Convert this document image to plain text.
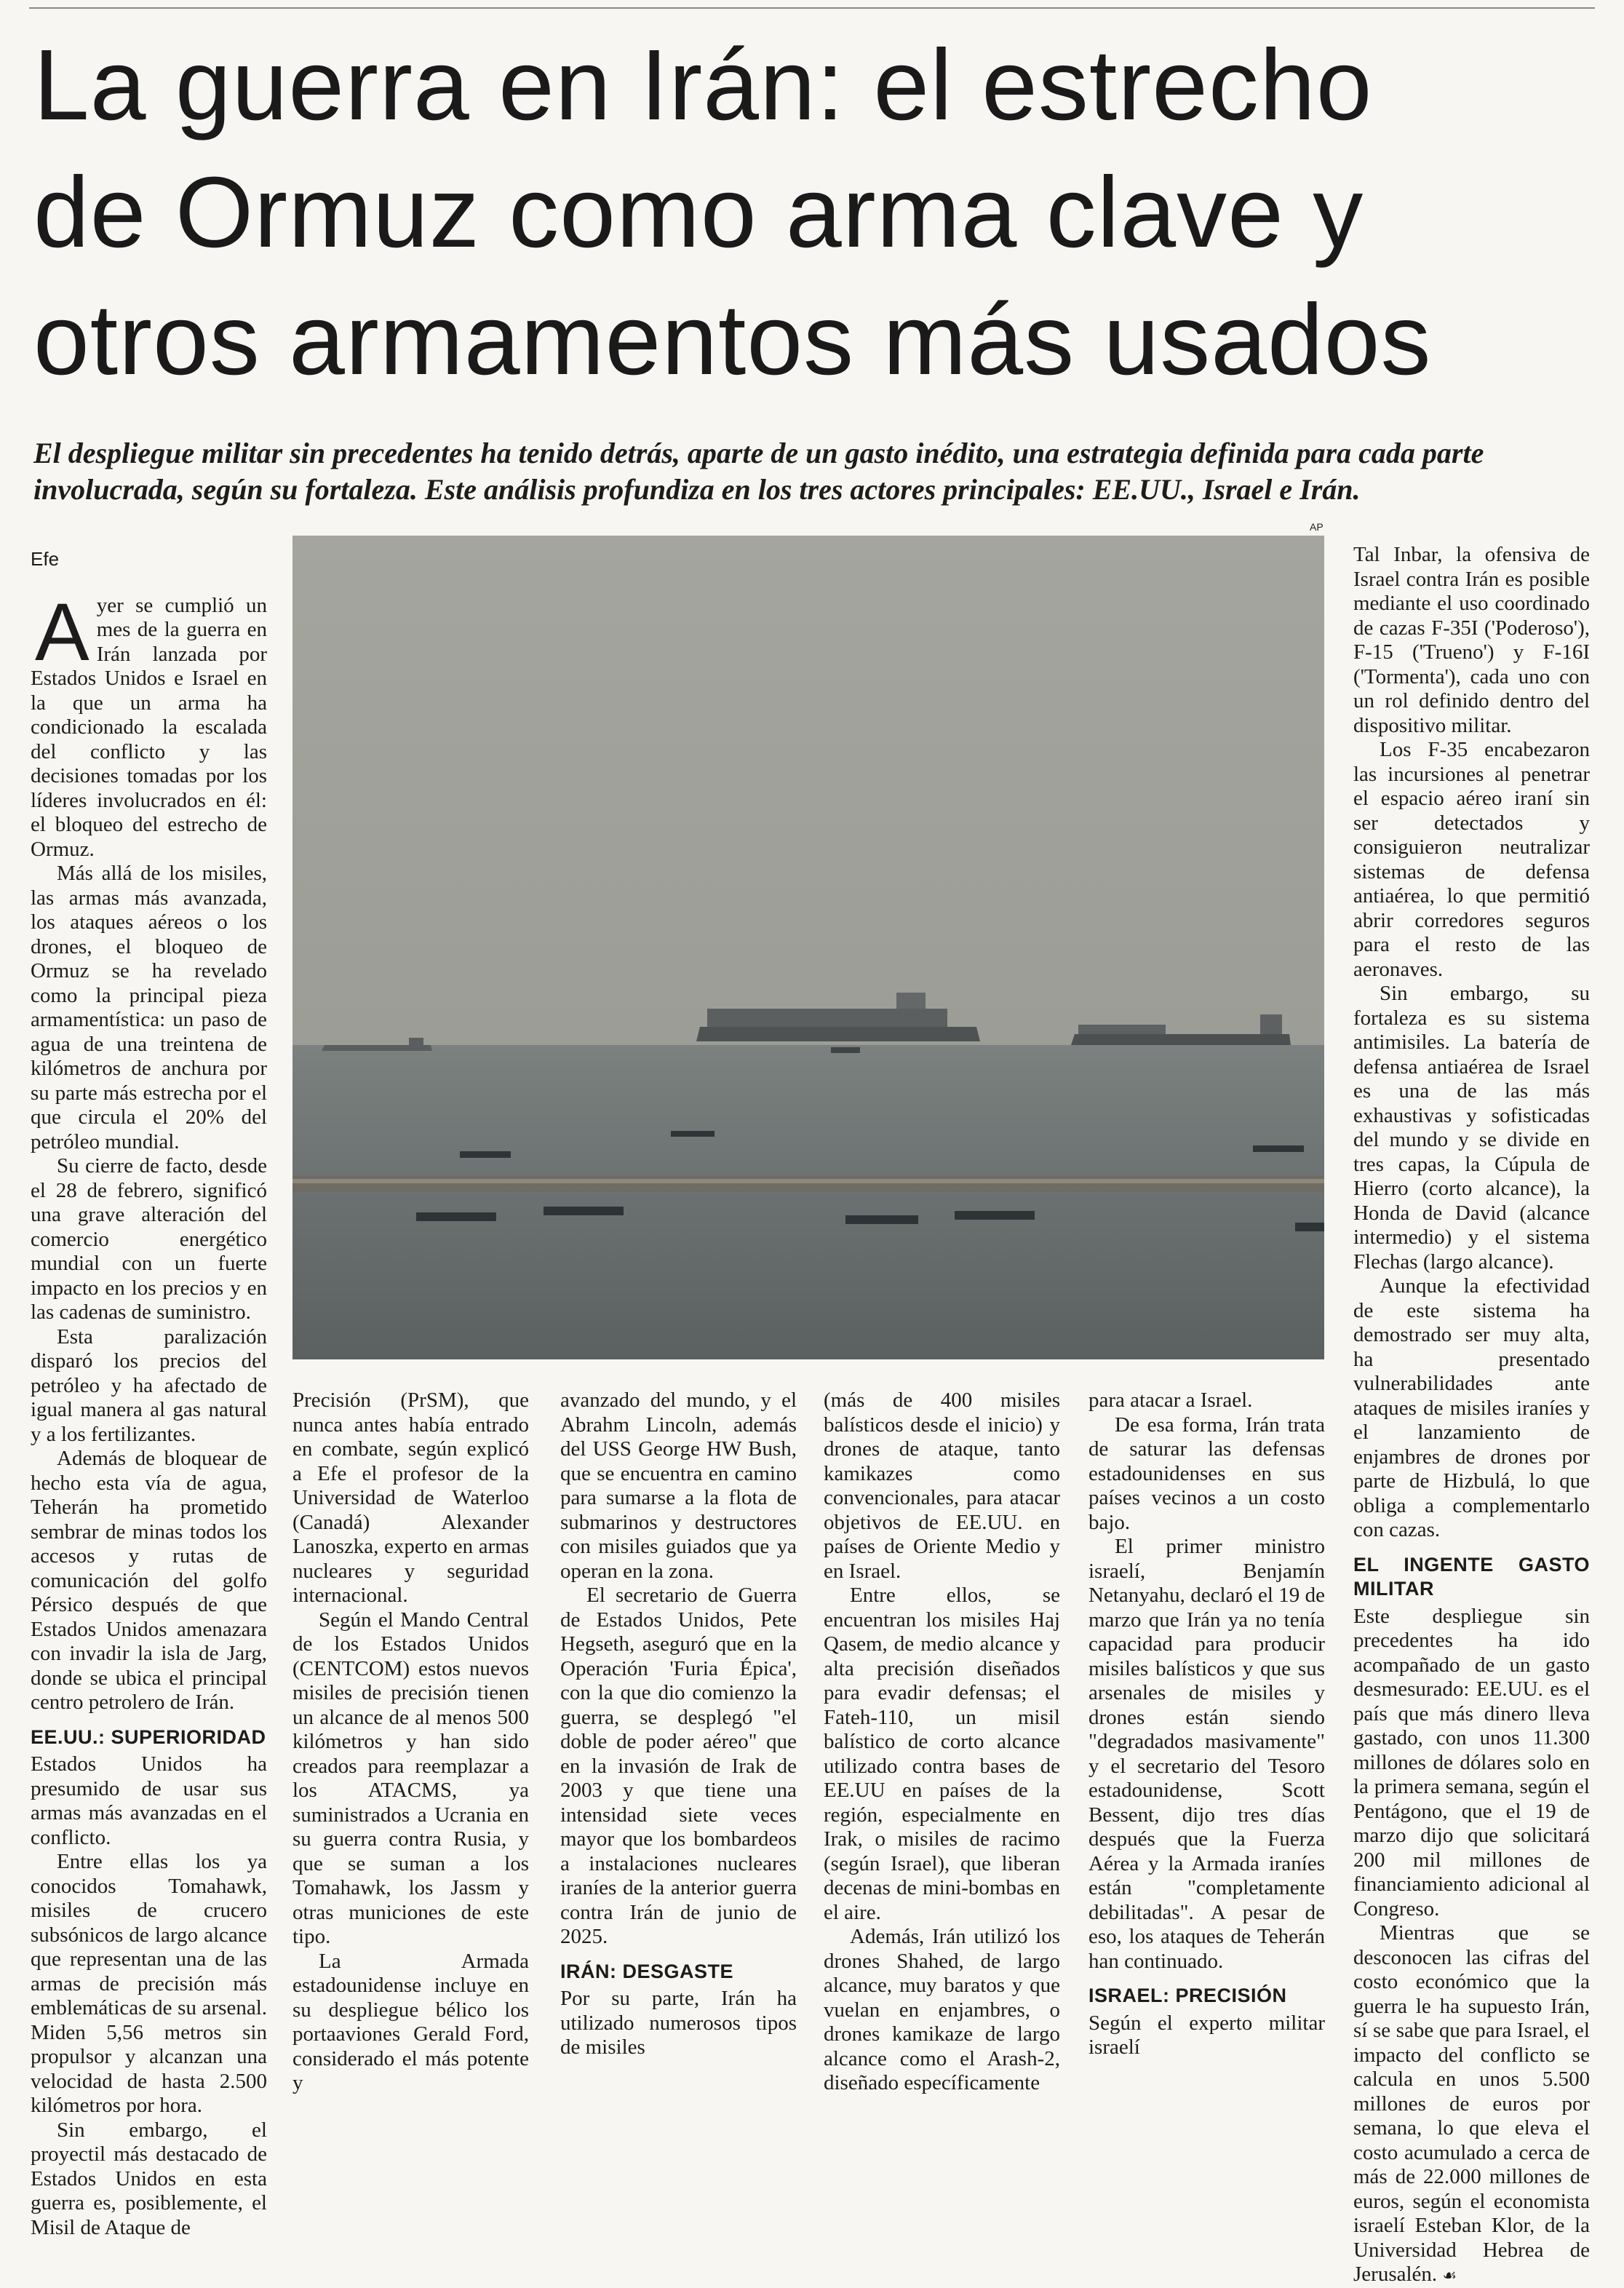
La guerra en Irán: el estrecho
de Ormuz como arma clave y
otros armamentos más usados

El despliegue militar sin precedentes ha tenido detrás, aparte de un gasto inédito, una estrategia definida para cada parte involucrada, según su fortaleza. Este análisis profundiza en los tres actores principales: EE.UU., Israel e Irán.

Efe

Ayer se cumplió un mes de la guerra en Irán lanzada por Estados Unidos e Israel en la que un arma ha condicionado la escalada del conflicto y las decisiones tomadas por los líderes involucrados en él: el bloqueo del estrecho de Ormuz.

Más allá de los misiles, las armas más avanzada, los ataques aéreos o los drones, el bloqueo de Ormuz se ha revelado como la principal pieza armamentística: un paso de agua de una treintena de kilómetros de anchura por su parte más estrecha por el que circula el 20% del petróleo mundial.

Su cierre de facto, desde el 28 de febrero, significó una grave alteración del comercio energético mundial con un fuerte impacto en los precios y en las cadenas de suministro.

Esta paralización disparó los precios del petróleo y ha afectado de igual manera al gas natural y a los fertilizantes.

Además de bloquear de hecho esta vía de agua, Teherán ha prometido sembrar de minas todos los accesos y rutas de comunicación del golfo Pérsico después de que Estados Unidos amenazara con invadir la isla de Jarg, donde se ubica el principal centro petrolero de Irán.

EE.UU.: SUPERIORIDAD

Estados Unidos ha presumido de usar sus armas más avanzadas en el conflicto.

Entre ellas los ya conocidos Tomahawk, misiles de crucero subsónicos de largo alcance que representan una de las armas de precisión más emblemáticas de su arsenal. Miden 5,56 metros sin propulsor y alcanzan una velocidad de hasta 2.500 kilómetros por hora.

Sin embargo, el proyectil más destacado de Estados Unidos en esta guerra es, posiblemente, el Misil de Ataque de

AP

Precisión (PrSM), que nunca antes había entrado en combate, según explicó a Efe el profesor de la Universidad de Waterloo (Canadá) Alexander Lanoszka, experto en armas nucleares y seguridad internacional.

Según el Mando Central de los Estados Unidos (CENTCOM) estos nuevos misiles de precisión tienen un alcance de al menos 500 kilómetros y han sido creados para reemplazar a los ATACMS, ya suministrados a Ucrania en su guerra contra Rusia, y que se suman a los Tomahawk, los Jassm y otras municiones de este tipo.

La Armada estadounidense incluye en su despliegue bélico los portaaviones Gerald Ford, considerado el más potente y

avanzado del mundo, y el Abrahm Lincoln, además del USS George HW Bush, que se encuentra en camino para sumarse a la flota de submarinos y destructores con misiles guiados que ya operan en la zona.

El secretario de Guerra de Estados Unidos, Pete Hegseth, aseguró que en la Operación 'Furia Épica', con la que dio comienzo la guerra, se desplegó "el doble de poder aéreo" que en la invasión de Irak de 2003 y que tiene una intensidad siete veces mayor que los bombardeos a instalaciones nucleares iraníes de la anterior guerra contra Irán de junio de 2025.

IRÁN: DESGASTE

Por su parte, Irán ha utilizado numerosos tipos de misiles

(más de 400 misiles balísticos desde el inicio) y drones de ataque, tanto kamikazes como convencionales, para atacar objetivos de EE.UU. en países de Oriente Medio y en Israel.

Entre ellos, se encuentran los misiles Haj Qasem, de medio alcance y alta precisión diseñados para evadir defensas; el Fateh-110, un misil balístico de corto alcance utilizado contra bases de EE.UU en países de la región, especialmente en Irak, o misiles de racimo (según Israel), que liberan decenas de mini-bombas en el aire.

Además, Irán utilizó los drones Shahed, de largo alcance, muy baratos y que vuelan en enjambres, o drones kamikaze de largo alcance como el Arash-2, diseñado específicamente

para atacar a Israel.

De esa forma, Irán trata de saturar las defensas estadounidenses en sus países vecinos a un costo bajo.

El primer ministro israelí, Benjamín Netanyahu, declaró el 19 de marzo que Irán ya no tenía capacidad para producir misiles balísticos y que sus arsenales de misiles y drones están siendo "degradados masivamente" y el secretario del Tesoro estadounidense, Scott Bessent, dijo tres días después que la Fuerza Aérea y la Armada iraníes están "completamente debilitadas". A pesar de eso, los ataques de Teherán han continuado.

ISRAEL: PRECISIÓN

Según el experto militar israelí

Tal Inbar, la ofensiva de Israel contra Irán es posible mediante el uso coordinado de cazas F-35I ('Poderoso'), F-15 ('Trueno') y F-16I ('Tormenta'), cada uno con un rol definido dentro del dispositivo militar.

Los F-35 encabezaron las incursiones al penetrar el espacio aéreo iraní sin ser detectados y consiguieron neutralizar sistemas de defensa antiaérea, lo que permitió abrir corredores seguros para el resto de las aeronaves.

Sin embargo, su fortaleza es su sistema antimisiles. La batería de defensa antiaérea de Israel es una de las más exhaustivas y sofisticadas del mundo y se divide en tres capas, la Cúpula de Hierro (corto alcance), la Honda de David (alcance intermedio) y el sistema Flechas (largo alcance).

Aunque la efectividad de este sistema ha demostrado ser muy alta, ha presentado vulnerabilidades ante ataques de misiles iraníes y el lanzamiento de enjambres de drones por parte de Hizbulá, lo que obliga a complementarlo con cazas.

EL INGENTE GASTO MILITAR

Este despliegue sin precedentes ha ido acompañado de un gasto desmesurado: EE.UU. es el país que más dinero lleva gastado, con unos 11.300 millones de dólares solo en la primera semana, según el Pentágono, que el 19 de marzo dijo que solicitará 200 mil millones de financiamiento adicional al Congreso.

Mientras que se desconocen las cifras del costo económico que la guerra le ha supuesto Irán, sí se sabe que para Israel, el impacto del conflicto se calcula en unos 5.500 millones de euros por semana, lo que eleva el costo acumulado a cerca de más de 22.000 millones de euros, según el economista israelí Esteban Klor, de la Universidad Hebrea de Jerusalén. ☙
